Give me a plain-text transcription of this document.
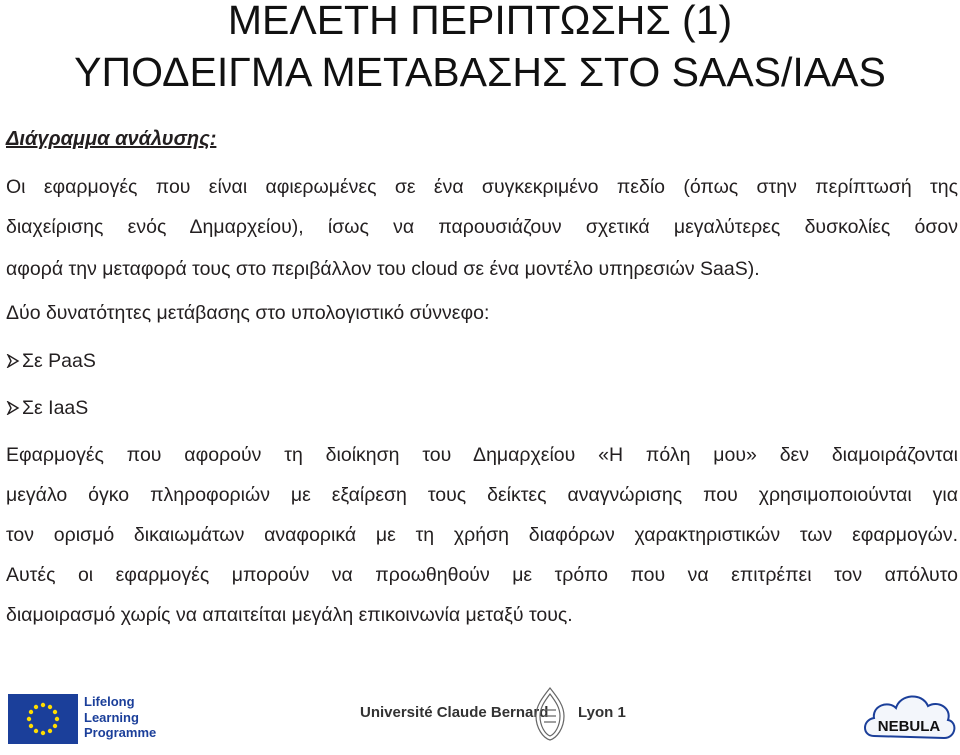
ΜΕΛΕΤΗ ΠΕΡΙΠΤΩΣΗΣ (1)
ΥΠΟΔΕΙΓΜΑ ΜΕΤΑΒΑΣΗΣ ΣΤΟ SAAS/IAAS
Διάγραμμα ανάλυσης:
Οι εφαρμογές που είναι αφιερωμένες σε ένα συγκεκριμένο πεδίο (όπως στην περίπτωσή της
διαχείρισης ενός Δημαρχείου), ίσως να παρουσιάζουν σχετικά μεγαλύτερες δυσκολίες όσον
αφορά την μεταφορά τους στο περιβάλλον του cloud σε ένα μοντέλο υπηρεσιών SaaS).
Δύο δυνατότητες μετάβασης στο υπολογιστικό σύννεφο:
Σε PaaS
Σε IaaS
Εφαρμογές που αφορούν τη διοίκηση του Δημαρχείου «Η πόλη μου» δεν διαμοιράζονται
μεγάλο όγκο πληροφοριών με εξαίρεση τους δείκτες αναγνώρισης που χρησιμοποιούνται για
τον ορισμό δικαιωμάτων αναφορικά με τη χρήση διαφόρων χαρακτηριστικών των εφαρμογών.
Αυτές οι εφαρμογές μπορούν να προωθηθούν με τρόπο που να επιτρέπει τον απόλυτο
διαμοιρασμό χωρίς να απαιτείται μεγάλη επικοινωνία μεταξύ τους.
Lifelong
Learning
Programme
Université Claude Bernard Lyon 1
NEBULA
